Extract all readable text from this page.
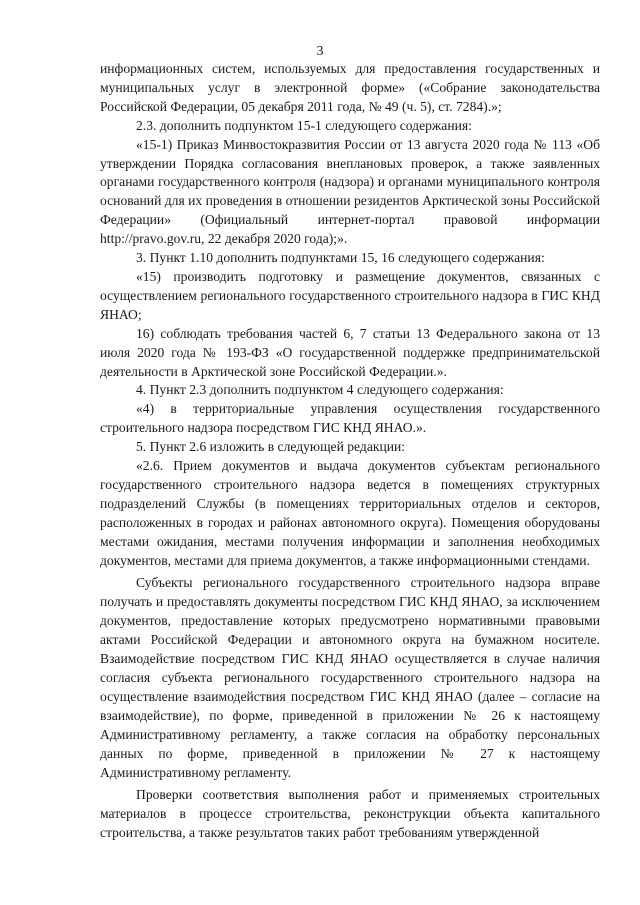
3

информационных систем, используемых для предоставления государственных и муниципальных услуг в электронной форме» («Собрание законодательства Российской Федерации, 05 декабря 2011 года, № 49 (ч. 5), ст. 7284).»;

2.3. дополнить подпунктом 15-1 следующего содержания:

«15-1) Приказ Минвостокразвития России от 13 августа 2020 года № 113 «Об утверждении Порядка согласования внеплановых проверок, а также заявленных органами государственного контроля (надзора) и органами муниципального контроля оснований для их проведения в отношении резидентов Арктической зоны Российской Федерации» (Официальный интернет-портал правовой информации http://pravo.gov.ru, 22 декабря 2020 года);».

3. Пункт 1.10 дополнить подпунктами 15, 16 следующего содержания:

«15) производить подготовку и размещение документов, связанных с осуществлением регионального государственного строительного надзора в ГИС КНД ЯНАО;

16) соблюдать требования частей 6, 7 статьи 13 Федерального закона от 13 июля 2020 года № 193-ФЗ «О государственной поддержке предпринимательской деятельности в Арктической зоне Российской Федерации.».

4. Пункт 2.3 дополнить подпунктом 4 следующего содержания:

«4) в территориальные управления осуществления государственного строительного надзора посредством ГИС КНД ЯНАО.».

5. Пункт 2.6 изложить в следующей редакции:

«2.6. Прием документов и выдача документов субъектам регионального государственного строительного надзора ведется в помещениях структурных подразделений Службы (в помещениях территориальных отделов и секторов, расположенных в городах и районах автономного округа). Помещения оборудованы местами ожидания, местами получения информации и заполнения необходимых документов, местами для приема документов, а также информационными стендами.

Субъекты регионального государственного строительного надзора вправе получать и предоставлять документы посредством ГИС КНД ЯНАО, за исключением документов, предоставление которых предусмотрено нормативными правовыми актами Российской Федерации и автономного округа на бумажном носителе. Взаимодействие посредством ГИС КНД ЯНАО осуществляется в случае наличия согласия субъекта регионального государственного строительного надзора на осуществление взаимодействия посредством ГИС КНД ЯНАО (далее – согласие на взаимодействие), по форме, приведенной в приложении № 26 к настоящему Административному регламенту, а также согласия на обработку персональных данных по форме, приведенной в приложении № 27 к настоящему Административному регламенту.

Проверки соответствия выполнения работ и применяемых строительных материалов в процессе строительства, реконструкции объекта капитального строительства, а также результатов таких работ требованиям утвержденной
